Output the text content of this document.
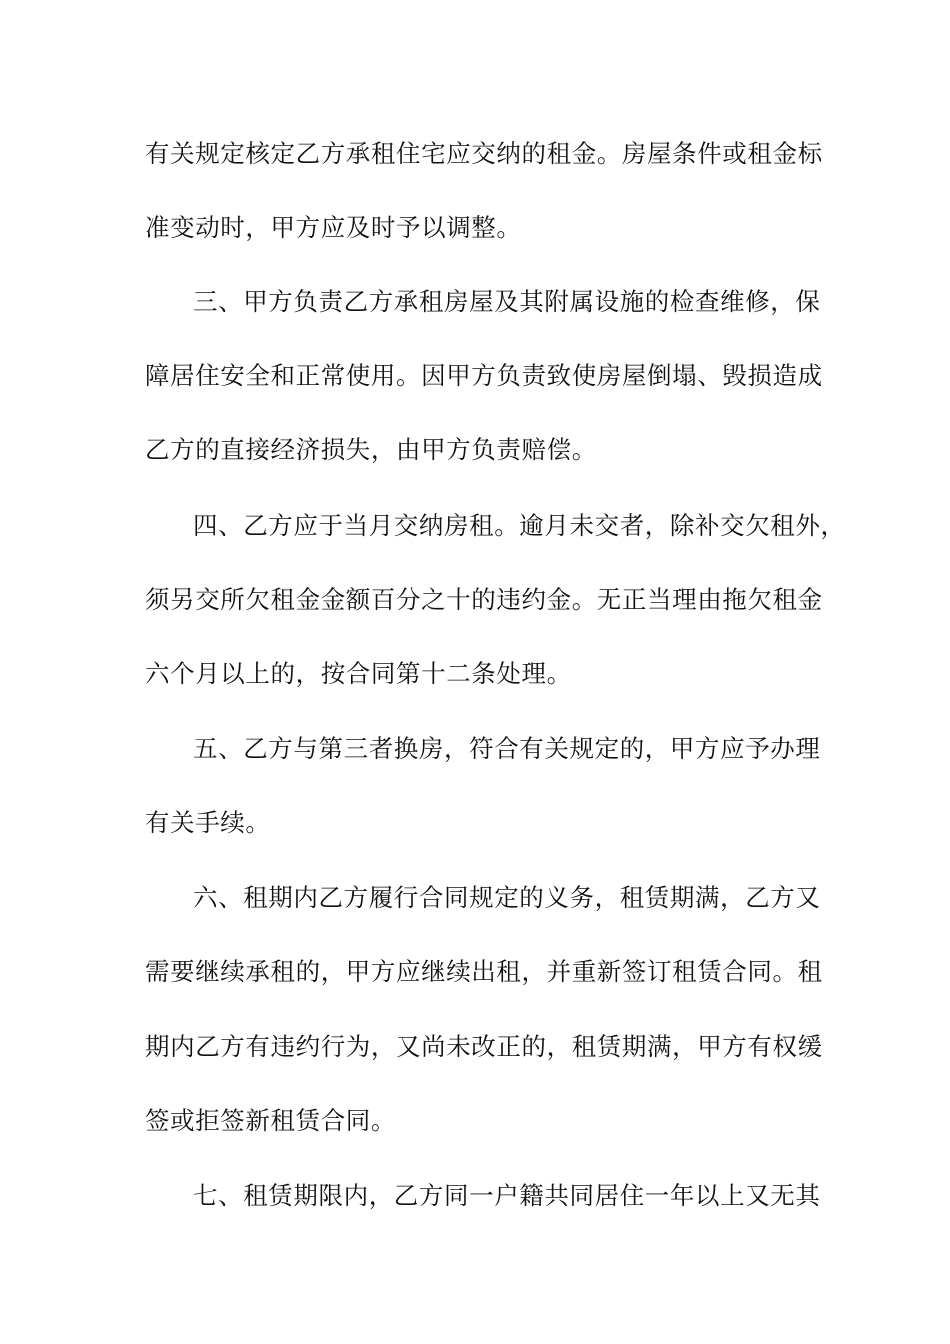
有关规定核定乙方承租住宅应交纳的租金。房屋条件或租金标
准变动时，甲方应及时予以调整。
三、甲方负责乙方承租房屋及其附属设施的检查维修，保
障居住安全和正常使用。因甲方负责致使房屋倒塌、毁损造成
乙方的直接经济损失，由甲方负责赔偿。
四、乙方应于当月交纳房租。逾月未交者，除补交欠租外，
须另交所欠租金金额百分之十的违约金。无正当理由拖欠租金
六个月以上的，按合同第十二条处理。
五、乙方与第三者换房，符合有关规定的，甲方应予办理
有关手续。
六、租期内乙方履行合同规定的义务，租赁期满，乙方又
需要继续承租的，甲方应继续出租，并重新签订租赁合同。租
期内乙方有违约行为，又尚未改正的，租赁期满，甲方有权缓
签或拒签新租赁合同。
七、租赁期限内，乙方同一户籍共同居住一年以上又无其
